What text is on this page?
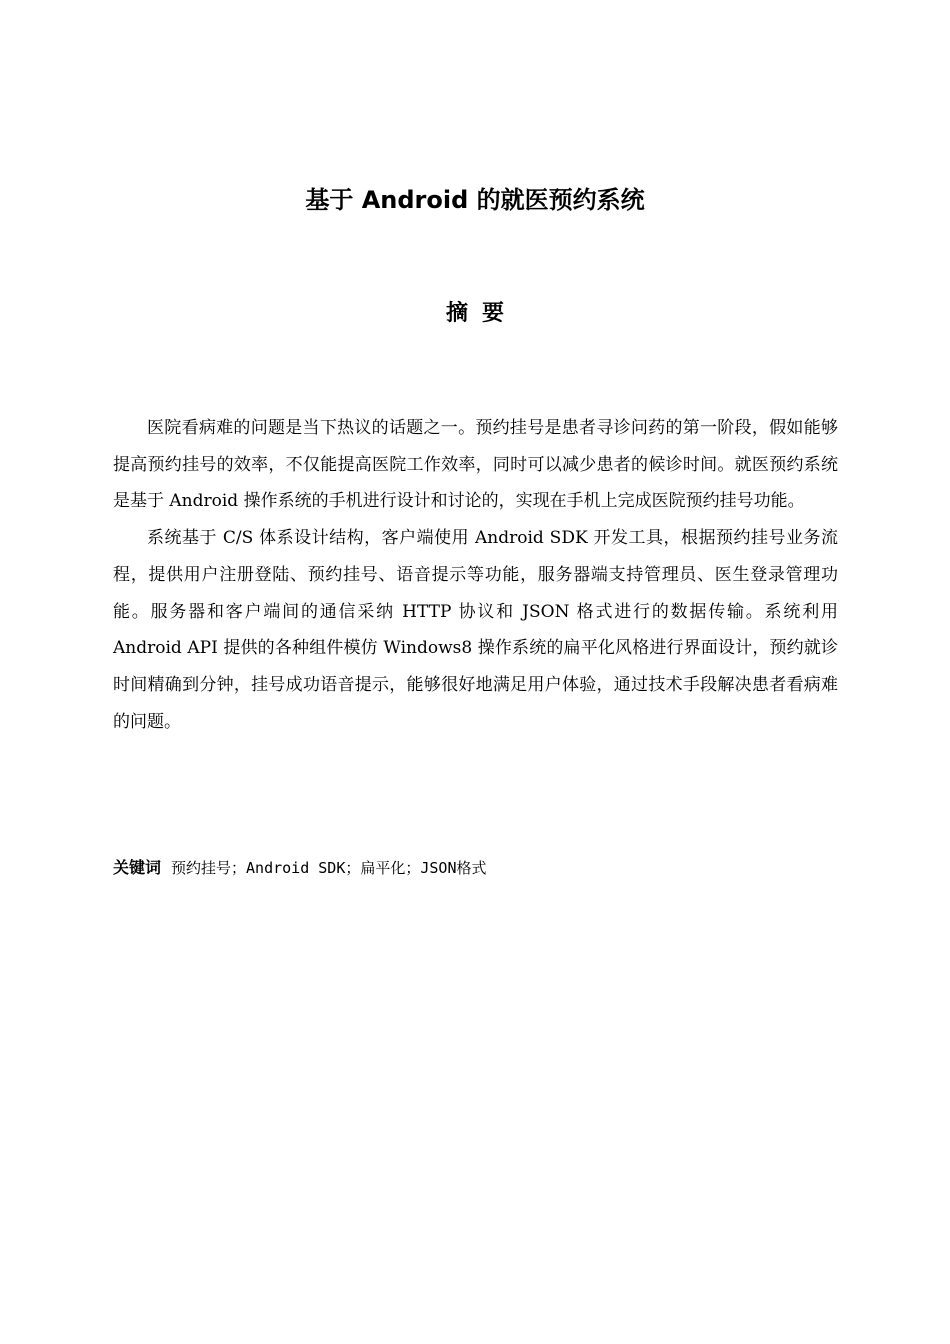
基于 Android 的就医预约系统
摘要

医院看病难的问题是当下热议的话题之一。预约挂号是患者寻诊问药的第一阶段，假如能够提高预约挂号的效率，不仅能提高医院工作效率，同时可以减少患者的候诊时间。就医预约系统是基于 Android 操作系统的手机进行设计和讨论的，实现在手机上完成医院预约挂号功能。

系统基于 C/S 体系设计结构，客户端使用 Android SDK 开发工具，根据预约挂号业务流程，提供用户注册登陆、预约挂号、语音提示等功能，服务器端支持管理员、医生登录管理功能。服务器和客户端间的通信采纳 HTTP 协议和 JSON 格式进行的数据传输。系统利用 Android API 提供的各种组件模仿 Windows8 操作系统的扁平化风格进行界面设计，预约就诊时间精确到分钟，挂号成功语音提示，能够很好地满足用户体验，通过技术手段解决患者看病难的问题。

关键词 预约挂号；Android SDK；扁平化；JSON格式
